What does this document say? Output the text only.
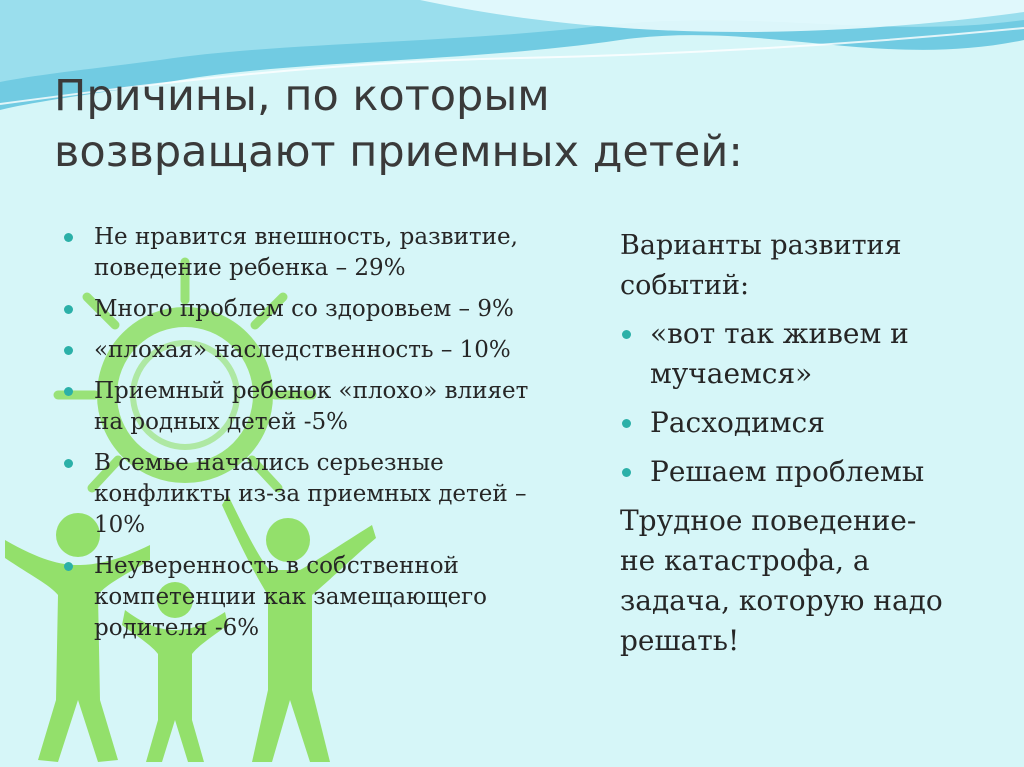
Причины, по которым
возвращают приемных детей:
Не нравится внешность, развитие,
поведение ребенка – 29%
Много проблем со здоровьем – 9%
«плохая» наследственность – 10%
Приемный ребенок «плохо» влияет
на родных детей -5%
В семье начались серьезные
конфликты из-за приемных детей –
10%
Неуверенность в собственной
компетенции как замещающего
родителя -6%

Варианты развития
событий:

«вот так живем и
мучаемся»
Расходимся
Решаем проблемы

Трудное поведение-
не катастрофа, а
задача, которую надо
решать!
